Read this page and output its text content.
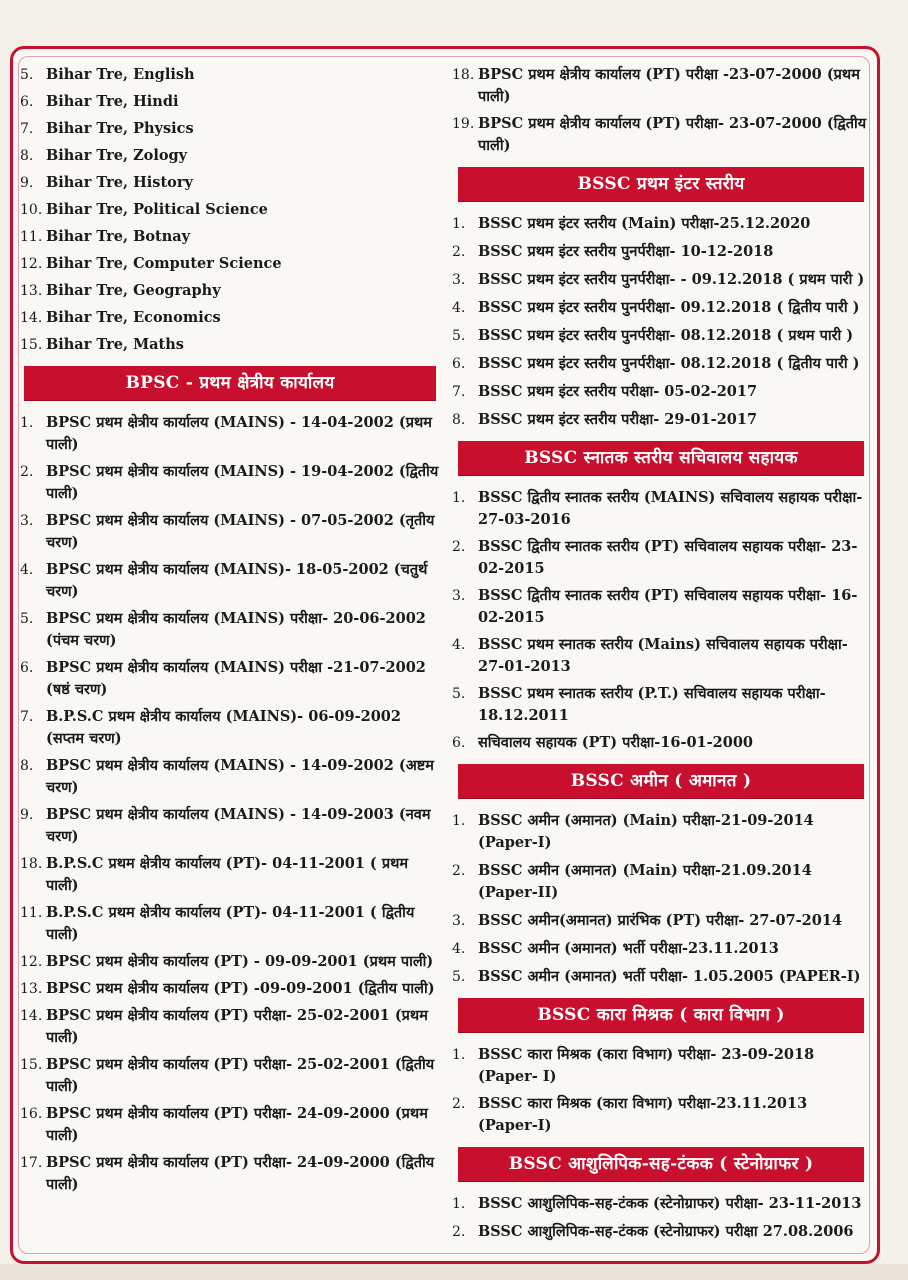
5. Bihar Tre, English
6. Bihar Tre, Hindi
7. Bihar Tre, Physics
8. Bihar Tre, Zology
9. Bihar Tre, History
10. Bihar Tre, Political Science
11. Bihar Tre, Botnay
12. Bihar Tre, Computer Science
13. Bihar Tre, Geography
14. Bihar Tre, Economics
15. Bihar Tre, Maths
BPSC - प्रथम क्षेत्रीय कार्यालय
1. BPSC प्रथम क्षेत्रीय कार्यालय (MAINS) - 14-04-2002 (प्रथम पाली)
2. BPSC प्रथम क्षेत्रीय कार्यालय (MAINS) - 19-04-2002 (द्वितीय पाली)
3. BPSC प्रथम क्षेत्रीय कार्यालय (MAINS) - 07-05-2002 (तृतीय चरण)
4. BPSC प्रथम क्षेत्रीय कार्यालय (MAINS)- 18-05-2002 (चतुर्थ चरण)
5. BPSC प्रथम क्षेत्रीय कार्यालय (MAINS) परीक्षा- 20-06-2002 (पंचम चरण)
6. BPSC प्रथम क्षेत्रीय कार्यालय (MAINS) परीक्षा -21-07-2002 (षष्ठं चरण)
7. B.P.S.C प्रथम क्षेत्रीय कार्यालय (MAINS)- 06-09-2002 (सप्तम चरण)
8. BPSC प्रथम क्षेत्रीय कार्यालय (MAINS) - 14-09-2002 (अष्टम चरण)
9. BPSC प्रथम क्षेत्रीय कार्यालय (MAINS) - 14-09-2003 (नवम चरण)
18. B.P.S.C प्रथम क्षेत्रीय कार्यालय (PT)- 04-11-2001 ( प्रथम पाली)
11. B.P.S.C प्रथम क्षेत्रीय कार्यालय (PT)- 04-11-2001 ( द्वितीय पाली)
12. BPSC प्रथम क्षेत्रीय कार्यालय (PT) - 09-09-2001 (प्रथम पाली)
13. BPSC प्रथम क्षेत्रीय कार्यालय (PT) -09-09-2001 (द्वितीय पाली)
14. BPSC प्रथम क्षेत्रीय कार्यालय (PT) परीक्षा- 25-02-2001 (प्रथम पाली)
15. BPSC प्रथम क्षेत्रीय कार्यालय (PT) परीक्षा- 25-02-2001 (द्वितीय पाली)
16. BPSC प्रथम क्षेत्रीय कार्यालय (PT) परीक्षा- 24-09-2000 (प्रथम पाली)
17. BPSC प्रथम क्षेत्रीय कार्यालय (PT) परीक्षा- 24-09-2000 (द्वितीय पाली)
18. BPSC प्रथम क्षेत्रीय कार्यालय (PT) परीक्षा -23-07-2000 (प्रथम पाली)
19. BPSC प्रथम क्षेत्रीय कार्यालय (PT) परीक्षा- 23-07-2000 (द्वितीय पाली)
BSSC प्रथम इंटर स्तरीय
1. BSSC प्रथम इंटर स्तरीय (Main) परीक्षा-25.12.2020
2. BSSC प्रथम इंटर स्तरीय पुनर्परीक्षा- 10-12-2018
3. BSSC प्रथम इंटर स्तरीय पुनर्परीक्षा- - 09.12.2018 ( प्रथम पारी )
4. BSSC प्रथम इंटर स्तरीय पुनर्परीक्षा- 09.12.2018 ( द्वितीय पारी )
5. BSSC प्रथम इंटर स्तरीय पुनर्परीक्षा- 08.12.2018 ( प्रथम पारी )
6. BSSC प्रथम इंटर स्तरीय पुनर्परीक्षा- 08.12.2018 ( द्वितीय पारी )
7. BSSC प्रथम इंटर स्तरीय परीक्षा- 05-02-2017
8. BSSC प्रथम इंटर स्तरीय परीक्षा- 29-01-2017
BSSC स्नातक स्तरीय सचिवालय सहायक
1. BSSC द्वितीय स्नातक स्तरीय (MAINS) सचिवालय सहायक परीक्षा- 27-03-2016
2. BSSC द्वितीय स्नातक स्तरीय (PT) सचिवालय सहायक परीक्षा- 23-02-2015
3. BSSC द्वितीय स्नातक स्तरीय (PT) सचिवालय सहायक परीक्षा- 16-02-2015
4. BSSC प्रथम स्नातक स्तरीय (Mains) सचिवालय सहायक परीक्षा- 27-01-2013
5. BSSC प्रथम स्नातक स्तरीय (P.T.) सचिवालय सहायक परीक्षा- 18.12.2011
6. सचिवालय सहायक (PT) परीक्षा-16-01-2000
BSSC अमीन ( अमानत )
1. BSSC अमीन (अमानत) (Main) परीक्षा-21-09-2014 (Paper-I)
2. BSSC अमीन (अमानत) (Main) परीक्षा-21.09.2014 (Paper-II)
3. BSSC अमीन(अमानत) प्रारंभिक (PT) परीक्षा- 27-07-2014
4. BSSC अमीन (अमानत) भर्ती परीक्षा-23.11.2013
5. BSSC अमीन (अमानत) भर्ती परीक्षा- 1.05.2005 (PAPER-I)
BSSC कारा मिश्रक ( कारा विभाग )
1. BSSC कारा मिश्रक (कारा विभाग) परीक्षा- 23-09-2018 (Paper- I)
2. BSSC कारा मिश्रक (कारा विभाग) परीक्षा-23.11.2013 (Paper-I)
BSSC आशुलिपिक-सह-टंकक ( स्टेनोग्राफर )
1. BSSC आशुलिपिक-सह-टंकक (स्टेनोग्राफर) परीक्षा- 23-11-2013
2. BSSC आशुलिपिक-सह-टंकक (स्टेनोग्राफर) परीक्षा 27.08.2006
